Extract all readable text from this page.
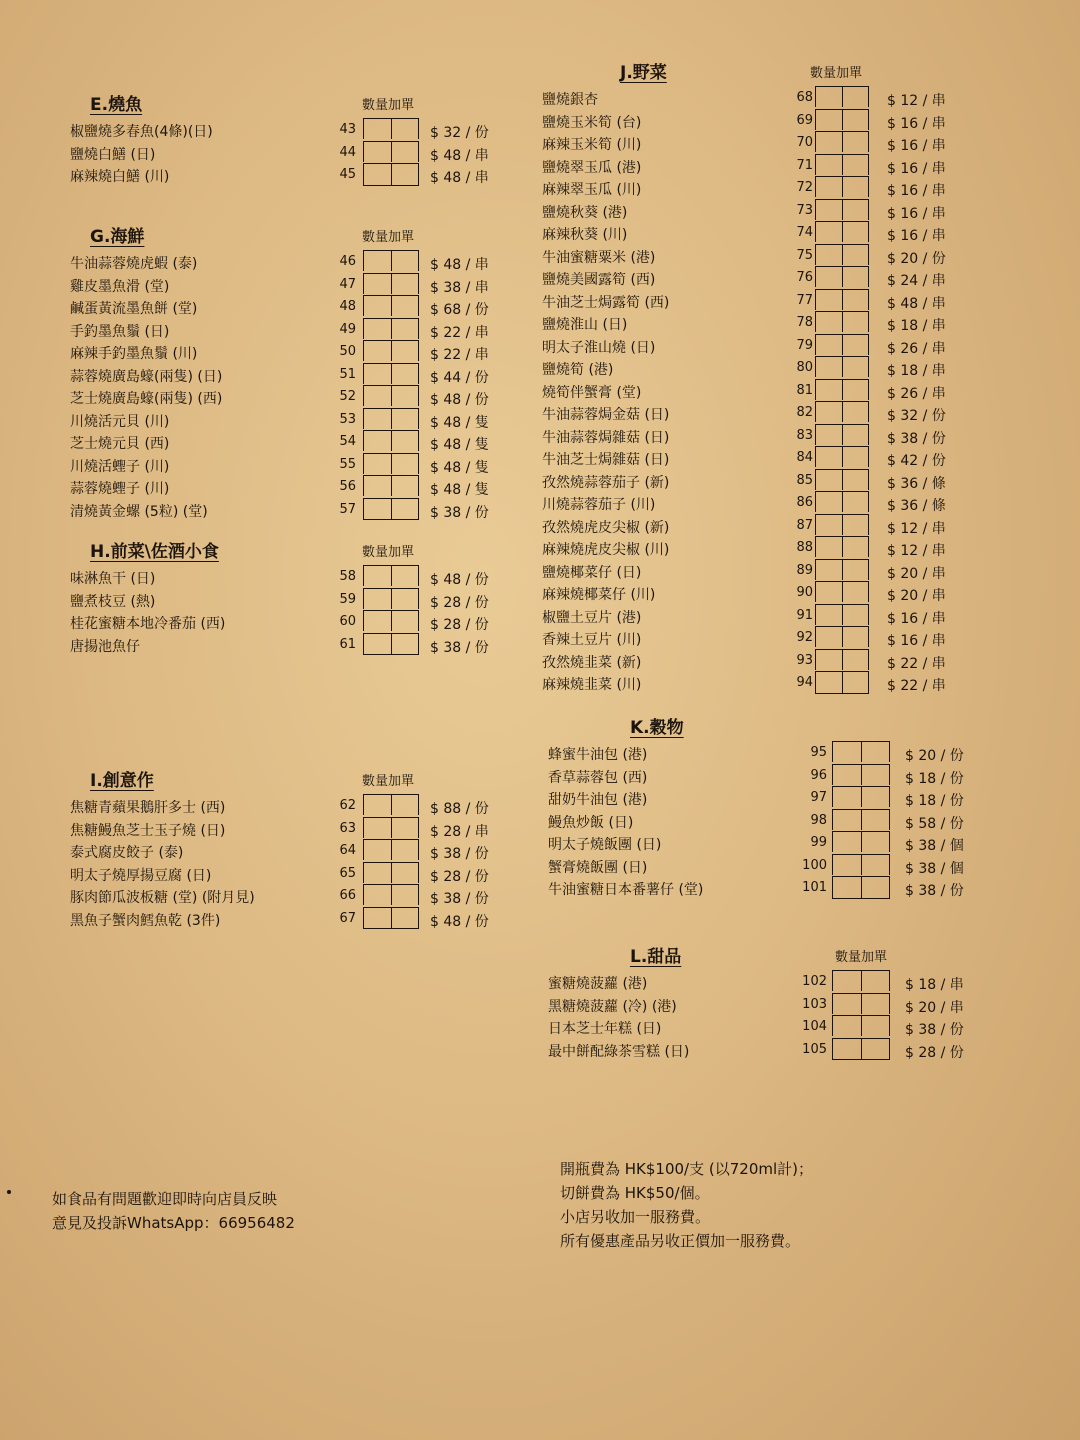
E.燒魚	數量加單
椒鹽燒多春魚(4條)(日)	43	$ 32 / 份
鹽燒白鱔 (日)	44	$ 48 / 串
麻辣燒白鱔 (川)	45	$ 48 / 串
G.海鮮	數量加單
牛油蒜蓉燒虎蝦 (泰)	46	$ 48 / 串
雞皮墨魚滑 (堂)	47	$ 38 / 串
鹹蛋黃流墨魚餅 (堂)	48	$ 68 / 份
手釣墨魚鬚 (日)	49	$ 22 / 串
麻辣手釣墨魚鬚 (川)	50	$ 22 / 串
蒜蓉燒廣島蠔(兩隻) (日)	51	$ 44 / 份
芝士燒廣島蠔(兩隻) (西)	52	$ 48 / 份
川燒活元貝 (川)	53	$ 48 / 隻
芝士燒元貝 (西)	54	$ 48 / 隻
川燒活蟶子 (川)	55	$ 48 / 隻
蒜蓉燒蟶子 (川)	56	$ 48 / 隻
清燒黃金螺 (5粒) (堂)	57	$ 38 / 份
H.前菜\佐酒小食	數量加單
味淋魚干 (日)	58	$ 48 / 份
鹽煮枝豆 (熱)	59	$ 28 / 份
桂花蜜糖本地冷番茄 (西)	60	$ 28 / 份
唐揚池魚仔	61	$ 38 / 份
I.創意作	數量加單
焦糖青蘋果鵝肝多士 (西)	62	$ 88 / 份
焦糖鰻魚芝士玉子燒 (日)	63	$ 28 / 串
泰式腐皮餃子 (泰)	64	$ 38 / 份
明太子燒厚揚豆腐 (日)	65	$ 28 / 份
豚肉節瓜波板糖 (堂) (附月見)	66	$ 38 / 份
黑魚子蟹肉鱈魚乾 (3件)	67	$ 48 / 份
J.野菜	數量加單
鹽燒銀杏	68	$ 12 / 串
鹽燒玉米筍 (台)	69	$ 16 / 串
麻辣玉米筍 (川)	70	$ 16 / 串
鹽燒翠玉瓜 (港)	71	$ 16 / 串
麻辣翠玉瓜 (川)	72	$ 16 / 串
鹽燒秋葵 (港)	73	$ 16 / 串
麻辣秋葵 (川)	74	$ 16 / 串
牛油蜜糖粟米 (港)	75	$ 20 / 份
鹽燒美國露筍 (西)	76	$ 24 / 串
牛油芝士焗露筍 (西)	77	$ 48 / 串
鹽燒淮山 (日)	78	$ 18 / 串
明太子淮山燒 (日)	79	$ 26 / 串
鹽燒筍 (港)	80	$ 18 / 串
燒筍伴蟹膏 (堂)	81	$ 26 / 串
牛油蒜蓉焗金菇 (日)	82	$ 32 / 份
牛油蒜蓉焗雜菇 (日)	83	$ 38 / 份
牛油芝士焗雜菇 (日)	84	$ 42 / 份
孜然燒蒜蓉茄子 (新)	85	$ 36 / 條
川燒蒜蓉茄子 (川)	86	$ 36 / 條
孜然燒虎皮尖椒 (新)	87	$ 12 / 串
麻辣燒虎皮尖椒 (川)	88	$ 12 / 串
鹽燒椰菜仔 (日)	89	$ 20 / 串
麻辣燒椰菜仔 (川)	90	$ 20 / 串
椒鹽土豆片 (港)	91	$ 16 / 串
香辣土豆片 (川)	92	$ 16 / 串
孜然燒韭菜 (新)	93	$ 22 / 串
麻辣燒韭菜 (川)	94	$ 22 / 串
K.穀物
蜂蜜牛油包 (港)	95	$ 20 / 份
香草蒜蓉包 (西)	96	$ 18 / 份
甜奶牛油包 (港)	97	$ 18 / 份
鰻魚炒飯 (日)	98	$ 58 / 份
明太子燒飯團 (日)	99	$ 38 / 個
蟹膏燒飯團 (日)	100	$ 38 / 個
牛油蜜糖日本番薯仔 (堂)	101	$ 38 / 份
L.甜品	數量加單
蜜糖燒菠蘿 (港)	102	$ 18 / 串
黑糖燒菠蘿 (冷) (港)	103	$ 20 / 串
日本芝士年糕 (日)	104	$ 38 / 份
最中餅配綠茶雪糕 (日)	105	$ 28 / 份
如食品有問題歡迎即時向店員反映
意見及投訴WhatsApp：66956482
開瓶費為 HK$100/支 (以720ml計)；
切餅費為 HK$50/個。
小店另收加一服務費。
所有優惠產品另收正價加一服務費。
